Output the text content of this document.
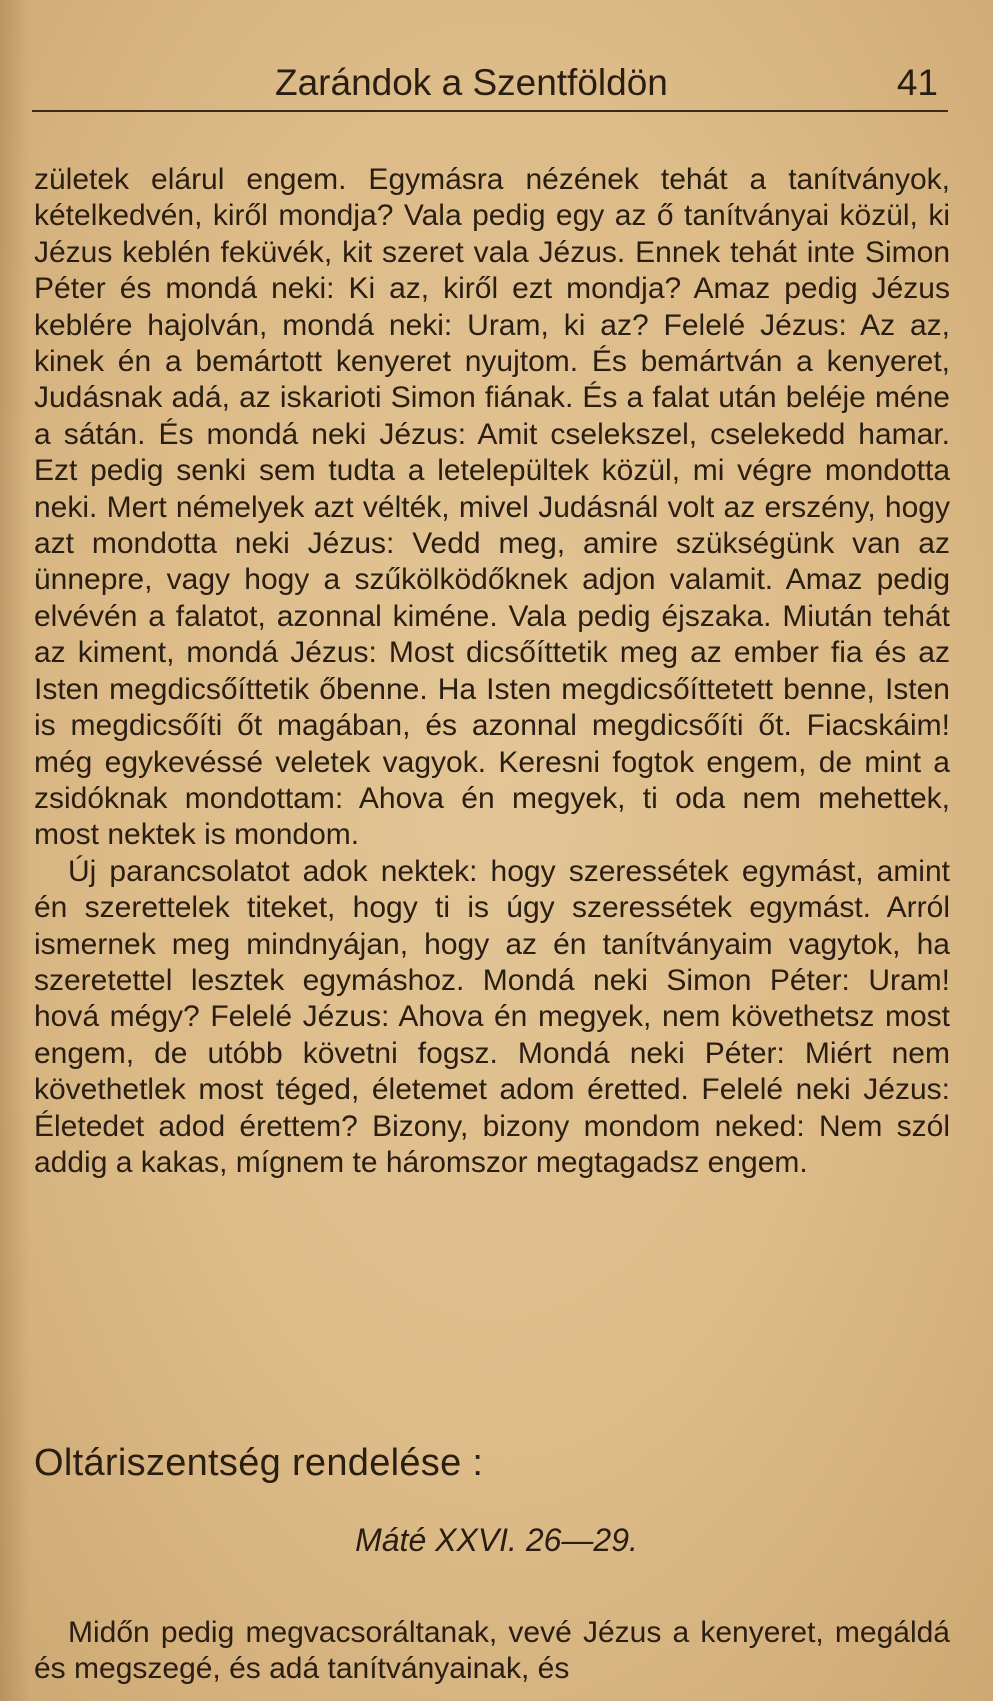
Zarándok a Szentföldön	41

zületek elárul engem. Egymásra nézének tehát a tanítványok, kételkedvén, kiről mondja? Vala pedig egy az ő tanítványai közül, ki Jézus keblén feküvék, kit szeret vala Jézus. Ennek tehát inte Simon Péter és mondá neki: Ki az, kiről ezt mondja? Amaz pedig Jézus keblére hajolván, mondá neki: Uram, ki az? Felelé Jézus: Az az, kinek én a bemártott kenyeret nyujtom. És bemártván a kenyeret, Judásnak adá, az iskarioti Simon fiának. És a falat után beléje méne a sátán. És mondá neki Jézus: Amit cselekszel, cselekedd hamar. Ezt pedig senki sem tudta a letelepültek közül, mi végre mondotta neki. Mert némelyek azt vélték, mivel Judásnál volt az erszény, hogy azt mondotta neki Jézus: Vedd meg, amire szükségünk van az ünnepre, vagy hogy a szűkölködőknek adjon valamit. Amaz pedig elvévén a falatot, azonnal kiméne. Vala pedig éjszaka. Miután tehát az kiment, mondá Jézus: Most dicsőíttetik meg az ember fia és az Isten megdicsőíttetik őbenne. Ha Isten megdicsőíttetett benne, Isten is megdicsőíti őt magában, és azonnal megdicsőíti őt. Fiacskáim! még egykevéssé veletek vagyok. Keresni fogtok engem, de mint a zsidóknak mondottam: Ahova én megyek, ti oda nem mehettek, most nektek is mondom.

Új parancsolatot adok nektek: hogy szeressétek egymást, amint én szerettelek titeket, hogy ti is úgy szeressétek egymást. Arról ismernek meg mindnyájan, hogy az én tanítványaim vagytok, ha szeretettel lesztek egymáshoz. Mondá neki Simon Péter: Uram! hová mégy? Felelé Jézus: Ahova én megyek, nem követhetsz most engem, de utóbb követni fogsz. Mondá neki Péter: Miért nem követhetlek most téged, életemet adom éretted. Felelé neki Jézus: Életedet adod érettem? Bizony, bizony mondom neked: Nem szól addig a kakas, mígnem te háromszor megtagadsz engem.

Oltáriszentség rendelése :
Máté XXVI. 26—29.

Midőn pedig megvacsoráltanak, vevé Jézus a kenyeret, megáldá és megszegé, és adá tanítványainak, és
